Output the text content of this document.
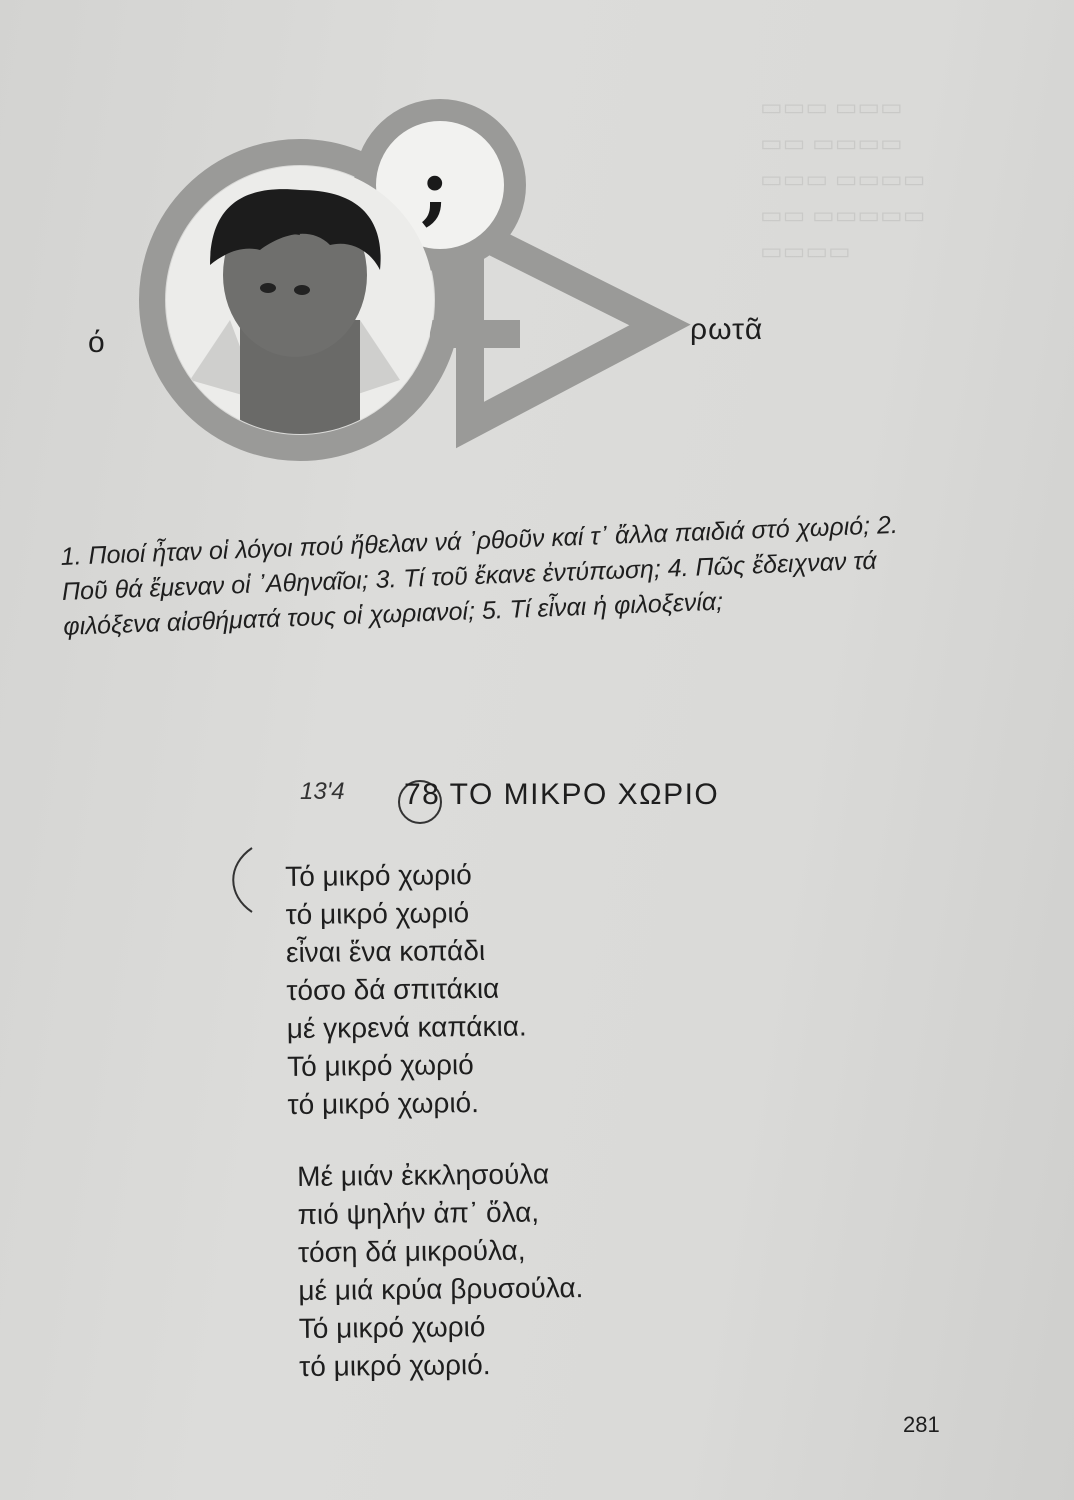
▭▭▭ ▭▭▭
▭▭ ▭▭▭▭
▭▭▭ ▭▭▭▭
▭▭ ▭▭▭▭▭
▭▭▭▭
;
ό	ρωτᾶ
1. Ποιοί ἦταν οἱ λόγοι πού ἤθελαν νά ᾽ρθοῦν καί τ᾽ ἄλλα παιδιά στό χωριό; 2. Ποῦ θά ἔμεναν οἱ ᾽Αθηναῖοι; 3. Τί τοῦ ἔκανε ἐντύπωση; 4. Πῶς ἔδειχναν τά φιλόξενα αἰσθήματά τους οἱ χωριανοί; 5. Τί εἶναι ἡ φιλοξενία;
13ʹ4 78 ΤΟ ΜΙΚΡΟ ΧΩΡΙΟ
Τό μικρό χωριό
τό μικρό χωριό
εἶναι ἕνα κοπάδι
τόσο δά σπιτάκια
μέ γκρενά καπάκια.
Τό μικρό χωριό
τό μικρό χωριό.
Μέ μιάν ἐκκλησούλα
πιό ψηλήν ἀπ᾽ ὅλα,
τόση δά μικρούλα,
μέ μιά κρύα βρυσούλα.
Τό μικρό χωριό
τό μικρό χωριό.
281
